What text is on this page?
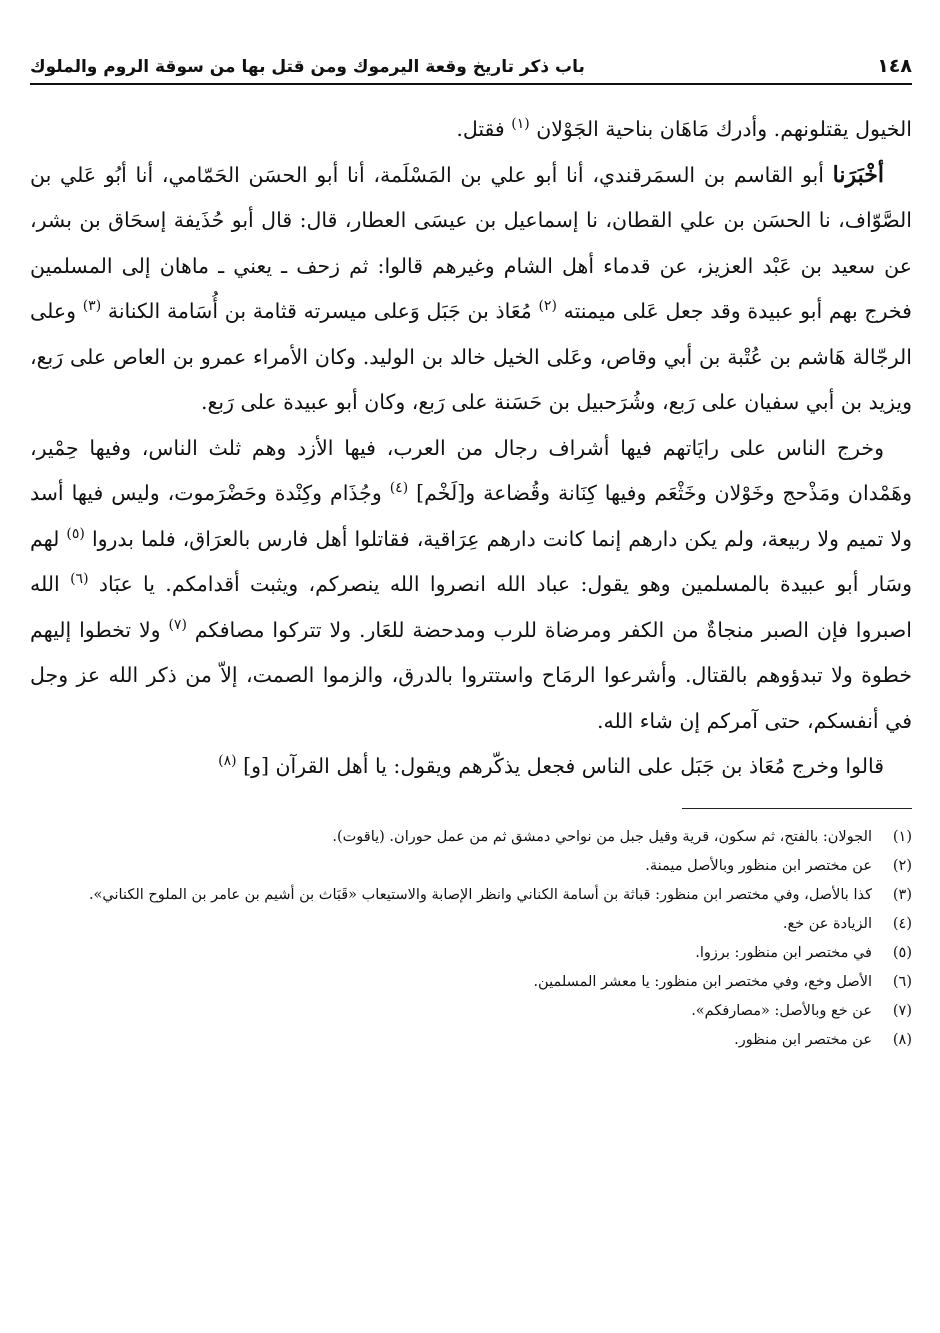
١٤٨
باب ذكر تاريخ وقعة اليرموك ومن قتل بها من سوقة الروم والملوك

الخيول يقتلونهم. وأدرك مَاهَان بناحية الجَوْلان $^{(١)}$ فقتل.

أخْبَرَنا أبو القاسم بن السمَرقندي، أنا أبو علي بن المَسْلَمة، أنا أبو الحسَن الحَمّامي، أنا أبُو عَلي بن الصَّوّاف، نا الحسَن بن علي القطان، نا إسماعيل بن عيسَى العطار، قال: قال أبو حُذَيفة إسحَاق بن بشر، عن سعيد بن عَبْد العزيز، عن قدماء أهل الشام وغيرهم قالوا: ثم زحف ـ يعني ـ ماهان إلى المسلمين فخرج بهم أبو عبيدة وقد جعل عَلى ميمنته $^{(٢)}$ مُعَاذ بن جَبَل وَعلى ميسرته قثامة بن أُسَامة الكنانة $^{(٣)}$ وعلى الرجّالة هَاشم بن عُتْبة بن أبي وقاص، وعَلى الخيل خالد بن الوليد. وكان الأمراء عمرو بن العاص على رَبع، ويزيد بن أبي سفيان على رَبع، وشُرَحبيل بن حَسَنة على رَبع، وكان أبو عبيدة على رَبع.

وخرج الناس على رايَاتهم فيها أشراف رجال من العرب، فيها الأزد وهم ثلث الناس، وفيها حِمْير، وهَمْدان ومَذْحج وخَوْلان وخَثْعَم وفيها كِنَانة وقُضاعة و[لَخْم] $^{(٤)}$ وجُذَام وكِنْدة وحَضْرَموت، وليس فيها أسد ولا تميم ولا ربيعة، ولم يكن دارهم إنما كانت دارهم عِرَاقية، فقاتلوا أهل فارس بالعرَاق، فلما بدروا $^{(٥)}$ لهم وسَار أبو عبيدة بالمسلمين وهو يقول: عباد الله انصروا الله ينصركم، ويثبت أقدامكم. يا عبَاد $^{(٦)}$ الله اصبروا فإن الصبر منجاةٌ من الكفر ومرضاة للرب ومدحضة للعَار. ولا تتركوا مصافكم $^{(٧)}$ ولا تخطوا إليهم خطوة ولا تبدؤوهم بالقتال. وأشرعوا الرمَاح واستتروا بالدرق، والزموا الصمت، إلاّ من ذكر الله عز وجل في أنفسكم، حتى آمركم إن شاء الله.

قالوا وخرج مُعَاذ بن جَبَل على الناس فجعل يذكّرهم ويقول: يا أهل القرآن [و] $^{(٨)}$

(١)
الجولان: بالفتح، ثم سكون، قرية وقيل جبل من نواحي دمشق ثم من عمل حوران. (ياقوت).
(٢)
عن مختصر ابن منظور وبالأصل ميمنة.
(٣)
كذا بالأصل، وفي مختصر ابن منظور: قباثة بن أسامة الكناني وانظر الإصابة والاستيعاب «قَبَاث بن أشيم بن عامر بن الملوح الكناني».
(٤)
الزيادة عن خع.
(٥)
في مختصر ابن منظور: برزوا.
(٦)
الأصل وخع، وفي مختصر ابن منظور: يا معشر المسلمين.
(٧)
عن خع وبالأصل: «مصارفكم».
(٨)
عن مختصر ابن منظور.
